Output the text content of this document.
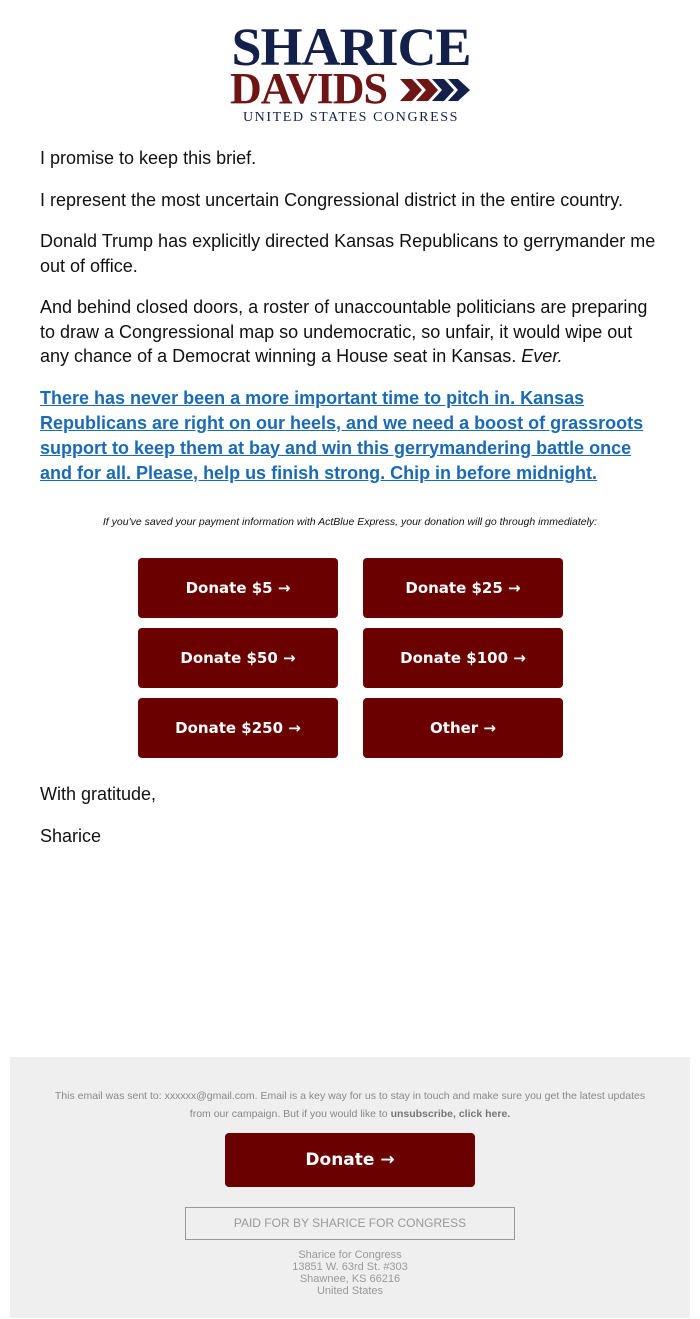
SHARICE
DAVIDS
UNITED STATES CONGRESS

I promise to keep this brief.

I represent the most uncertain Congressional district in the entire country.

Donald Trump has explicitly directed Kansas Republicans to gerrymander me out of office.

And behind closed doors, a roster of unaccountable politicians are preparing to draw a Congressional map so undemocratic, so unfair, it would wipe out any chance of a Democrat winning a House seat in Kansas. Ever.

There has never been a more important time to pitch in. Kansas Republicans are right on our heels, and we need a boost of grassroots support to keep them at bay and win this gerrymandering battle once and for all. Please, help us finish strong. Chip in before midnight.
If you've saved your payment information with ActBlue Express, your donation will go through immediately:
Donate $5 →	Donate $25 →
Donate $50 →	Donate $100 →
Donate $250 →	Other →

With gratitude,

Sharice

This email was sent to: xxxxxx@gmail.com. Email is a key way for us to stay in touch and make sure you get the latest updates from our campaign. But if you would like to unsubscribe, click here.
Donate →
PAID FOR BY SHARICE FOR CONGRESS
Sharice for Congress
13851 W. 63rd St. #303
Shawnee, KS 66216
United States
